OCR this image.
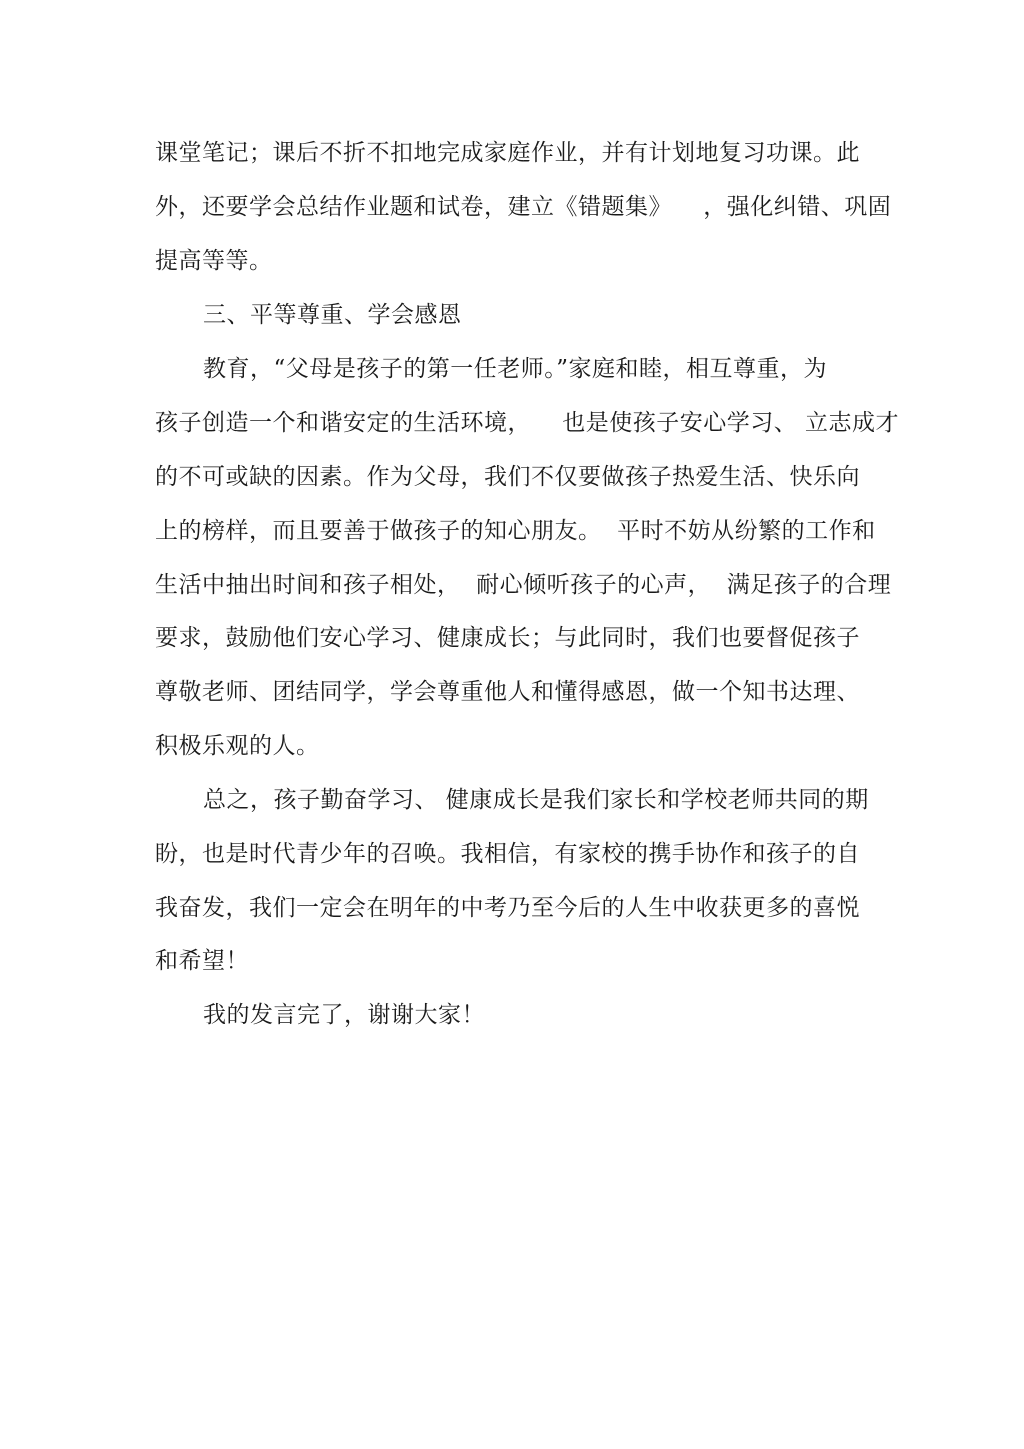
课堂笔记；课后不折不扣地完成家庭作业，并有计划地复习功课。此
外，还要学会总结作业题和试卷，建立《错题集》    ，强化纠错、巩固
提高等等。
三、平等尊重、学会感恩
教育，“父母是孩子的第一任老师。”家庭和睦，相互尊重，为
孩子创造一个和谐安定的生活环境，    也是使孩子安心学习、 立志成才
的不可或缺的因素。作为父母，我们不仅要做孩子热爱生活、快乐向
上的榜样，而且要善于做孩子的知心朋友。  平时不妨从纷繁的工作和
生活中抽出时间和孩子相处，  耐心倾听孩子的心声，  满足孩子的合理
要求，鼓励他们安心学习、健康成长；与此同时，我们也要督促孩子
尊敬老师、团结同学，学会尊重他人和懂得感恩，做一个知书达理、
积极乐观的人。
总之，孩子勤奋学习、 健康成长是我们家长和学校老师共同的期
盼，也是时代青少年的召唤。我相信，有家校的携手协作和孩子的自
我奋发，我们一定会在明年的中考乃至今后的人生中收获更多的喜悦
和希望！
我的发言完了，谢谢大家！
